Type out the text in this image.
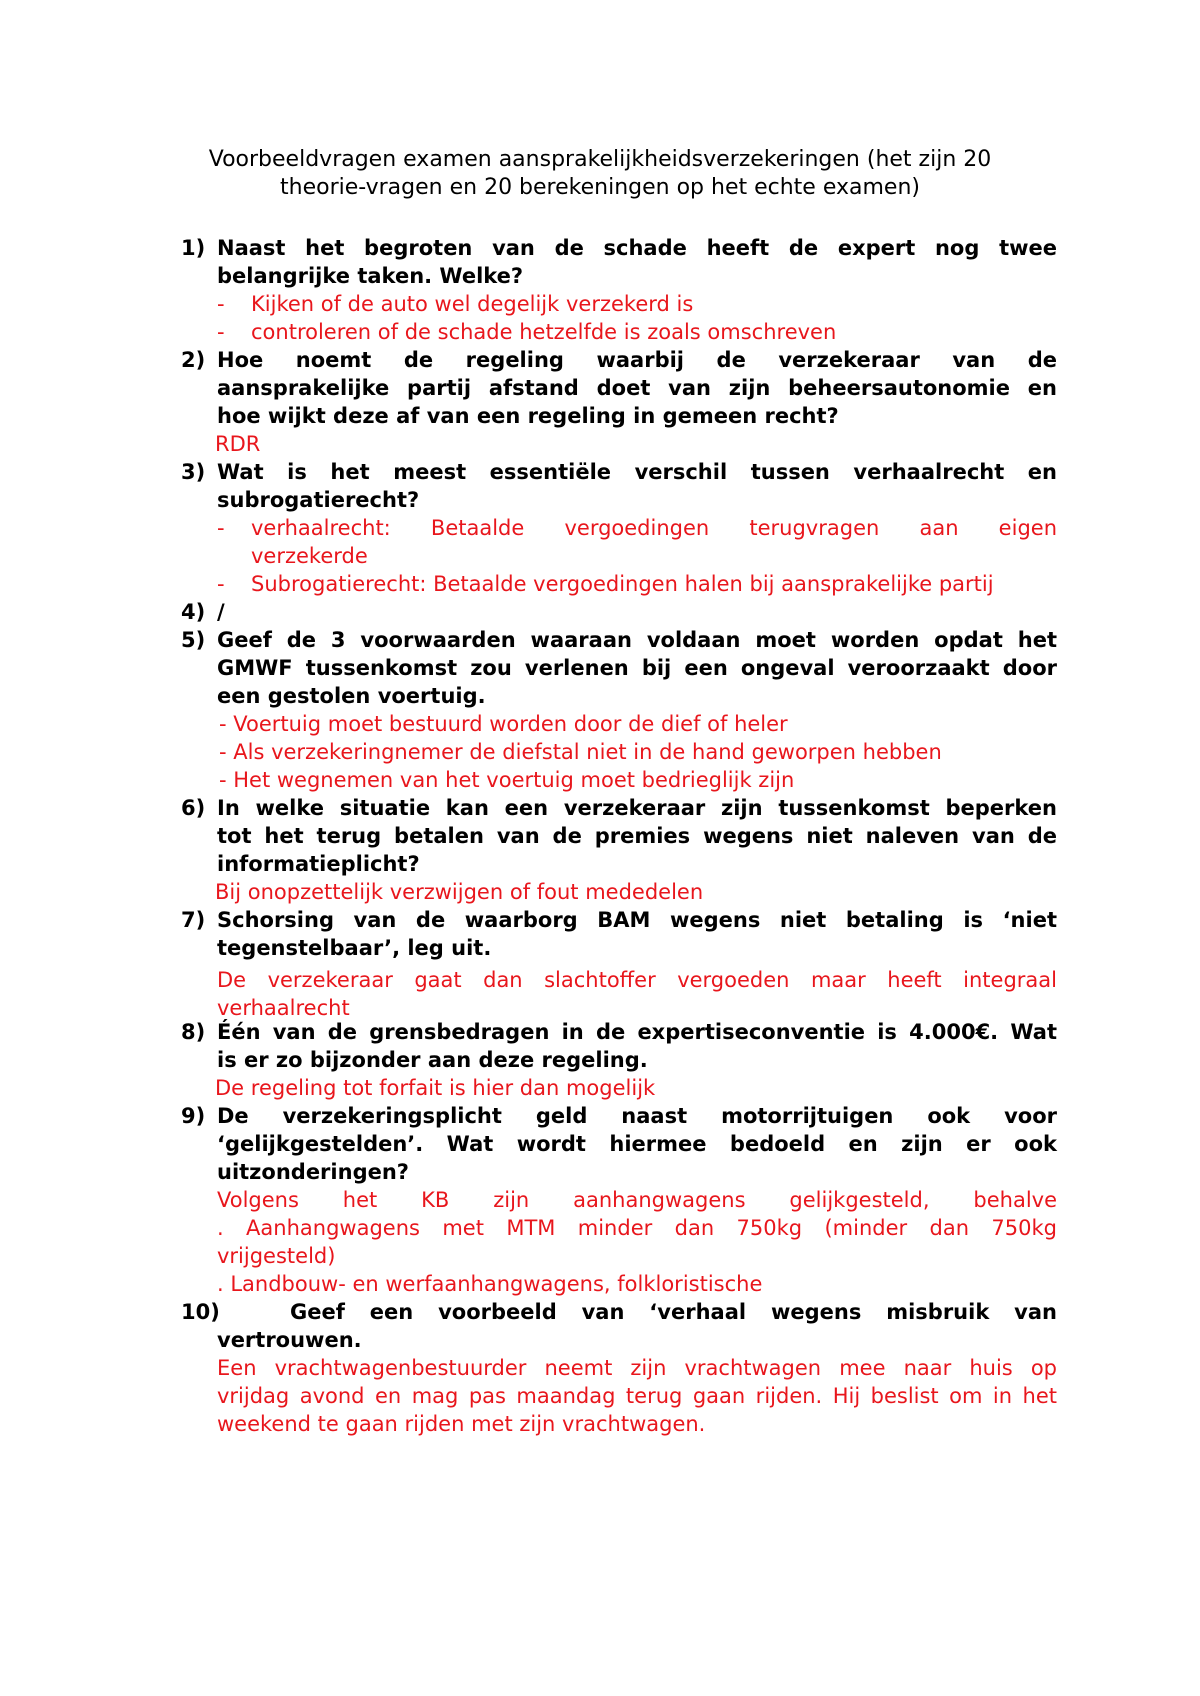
Voorbeeldvragen examen aansprakelijkheidsverzekeringen (het zijn 20
theorie-vragen en 20 berekeningen op het echte examen)
1) Naast het begroten van de schade heeft de expert nog twee
belangrijke taken. Welke?
- Kijken of de auto wel degelijk verzekerd is
- controleren of de schade hetzelfde is zoals omschreven
2) Hoe noemt de regeling waarbij de verzekeraar van de
aansprakelijke partij afstand doet van zijn beheersautonomie en
hoe wijkt deze af van een regeling in gemeen recht?
RDR
3) Wat is het meest essentiële verschil tussen verhaalrecht en
subrogatierecht?
- verhaalrecht: Betaalde vergoedingen terugvragen aan eigen
verzekerde
- Subrogatierecht: Betaalde vergoedingen halen bij aansprakelijke partij
4) /
5) Geef de 3 voorwaarden waaraan voldaan moet worden opdat het
GMWF tussenkomst zou verlenen bij een ongeval veroorzaakt door
een gestolen voertuig.
- Voertuig moet bestuurd worden door de dief of heler
- Als verzekeringnemer de diefstal niet in de hand geworpen hebben
- Het wegnemen van het voertuig moet bedrieglijk zijn
6) In welke situatie kan een verzekeraar zijn tussenkomst beperken
tot het terug betalen van de premies wegens niet naleven van de
informatieplicht?
Bij onopzettelijk verzwijgen of fout mededelen
7) Schorsing van de waarborg BAM wegens niet betaling is ‘niet
tegenstelbaar’, leg uit.
De verzekeraar gaat dan slachtoffer vergoeden maar heeft integraal
verhaalrecht
8) Één van de grensbedragen in de expertiseconventie is 4.000€. Wat
is er zo bijzonder aan deze regeling.
De regeling tot forfait is hier dan mogelijk
9) De verzekeringsplicht geld naast motorrijtuigen ook voor
‘gelijkgestelden’. Wat wordt hiermee bedoeld en zijn er ook
uitzonderingen?
Volgens het KB zijn aanhangwagens gelijkgesteld, behalve
. Aanhangwagens met MTM minder dan 750kg (minder dan 750kg
vrijgesteld)
. Landbouw- en werfaanhangwagens, folkloristische
10)	Geef een voorbeeld van ‘verhaal wegens misbruik van
vertrouwen.
Een vrachtwagenbestuurder neemt zijn vrachtwagen mee naar huis op
vrijdag avond en mag pas maandag terug gaan rijden. Hij beslist om in het
weekend te gaan rijden met zijn vrachtwagen.
